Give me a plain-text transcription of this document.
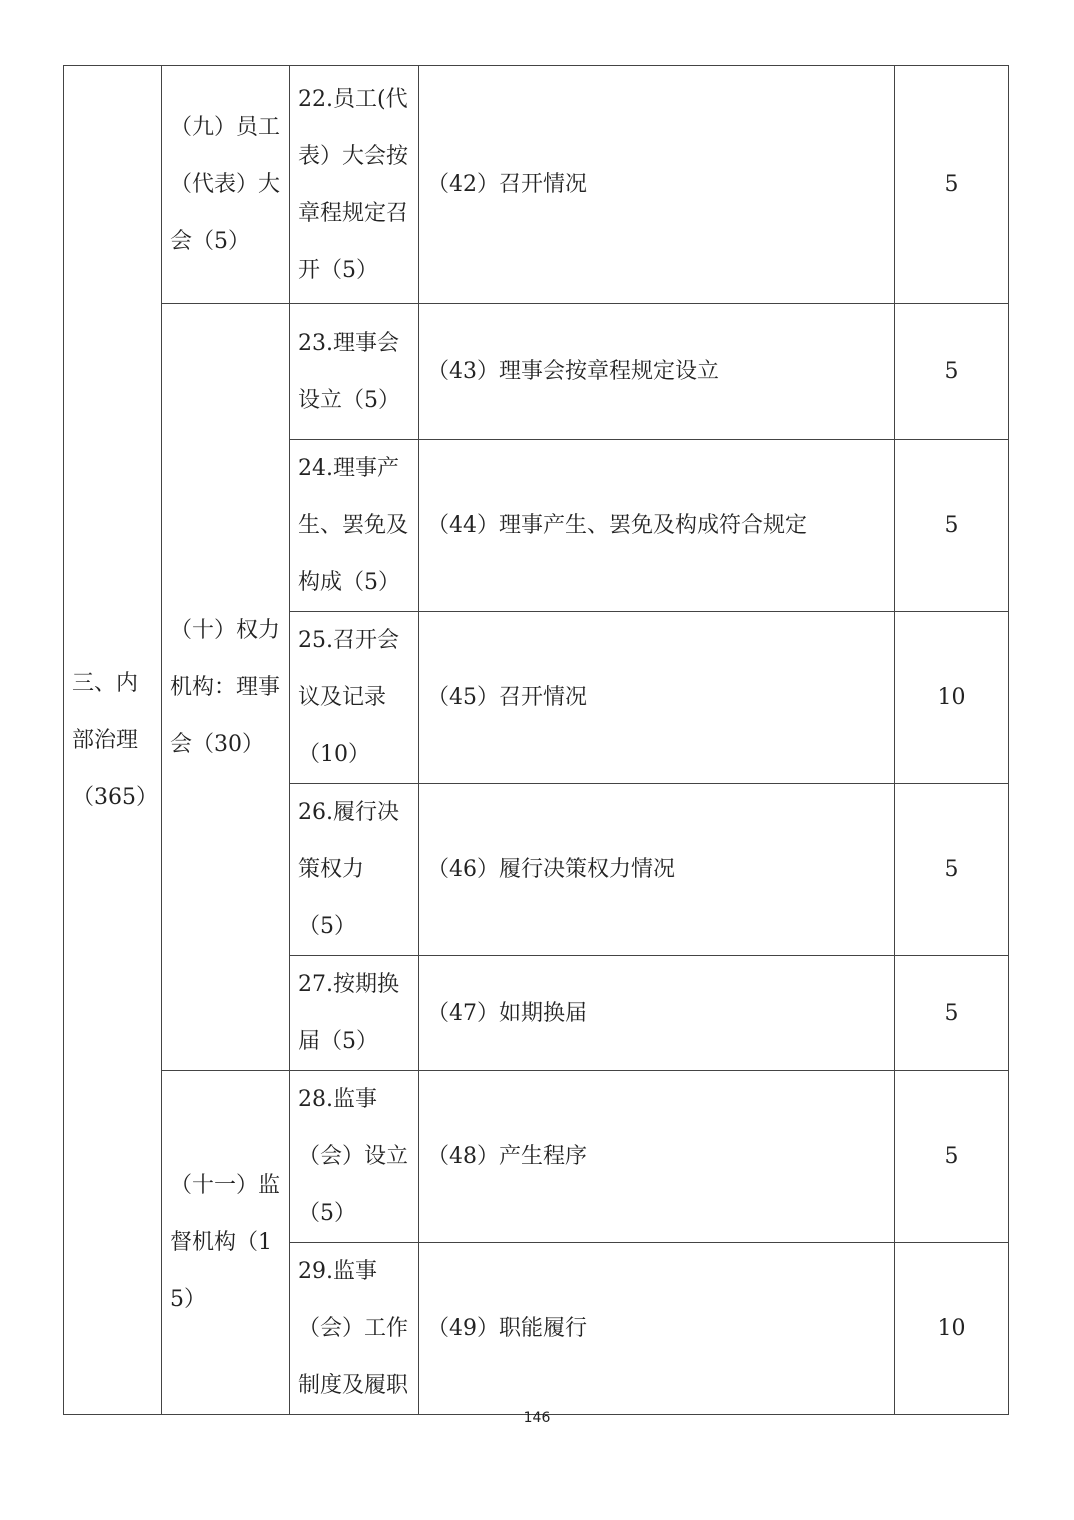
三、内部治理（365）	（九）员工（代表）大会（5）	22.员工(代表）大会按章程规定召开（5）	（42）召开情况	5
	（十）权力机构：理事会（30）	23.理事会设立（5）	（43）理事会按章程规定设立	5
		24.理事产生、罢免及构成（5）	（44）理事产生、罢免及构成符合规定	5
		25.召开会议及记录（10）	（45）召开情况	10
		26.履行决策权力（5）	（46）履行决策权力情况	5
		27.按期换届（5）	（47）如期换届	5
	（十一）监督机构（15）	28.监事（会）设立（5）	（48）产生程序	5
		29.监事（会）工作制度及履职	（49）职能履行	10
146
